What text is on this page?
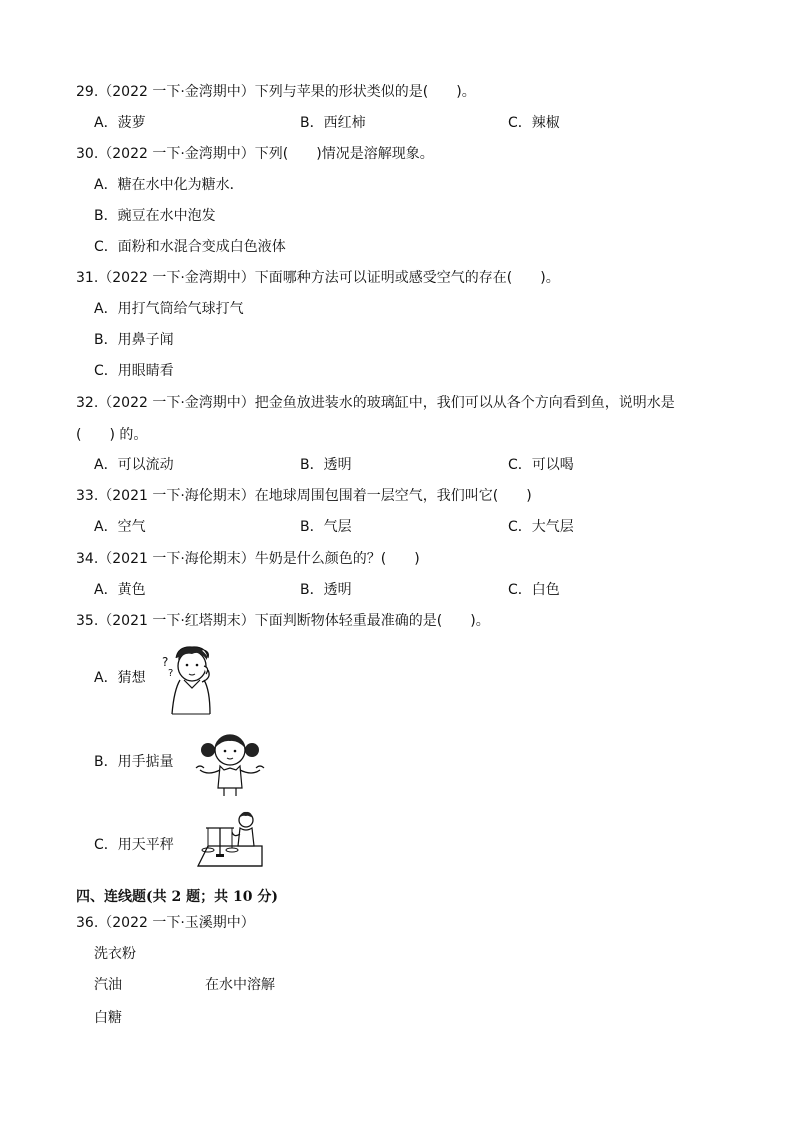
29.（2022 一下·金湾期中）下列与苹果的形状类似的是(　　)。
A．菠萝	B．西红柿	C．辣椒
30.（2022 一下·金湾期中）下列(　　)情况是溶解现象。
A．糖在水中化为糖水．
B．豌豆在水中泡发
C．面粉和水混合变成白色液体
31.（2022 一下·金湾期中）下面哪种方法可以证明或感受空气的存在(　　)。
A．用打气筒给气球打气
B．用鼻子闻
C．用眼睛看
32.（2022 一下·金湾期中）把金鱼放进装水的玻璃缸中，我们可以从各个方向看到鱼，说明水是
(　　) 的。
A．可以流动	B．透明	C．可以喝
33.（2021 一下·海伦期末）在地球周围包围着一层空气，我们叫它(　　)
A．空气	B．气层	C．大气层
34.（2021 一下·海伦期末）牛奶是什么颜色的？(　　)
A．黄色	B．透明	C．白色
35.（2021 一下·红塔期末）下面判断物体轻重最准确的是(　　)。
A．猜想
?
?
B．用手掂量
C．用天平秤
四、连线题(共 2 题；共 10 分)
36.（2022 一下·玉溪期中）
洗衣粉
汽油	在水中溶解
白糖
